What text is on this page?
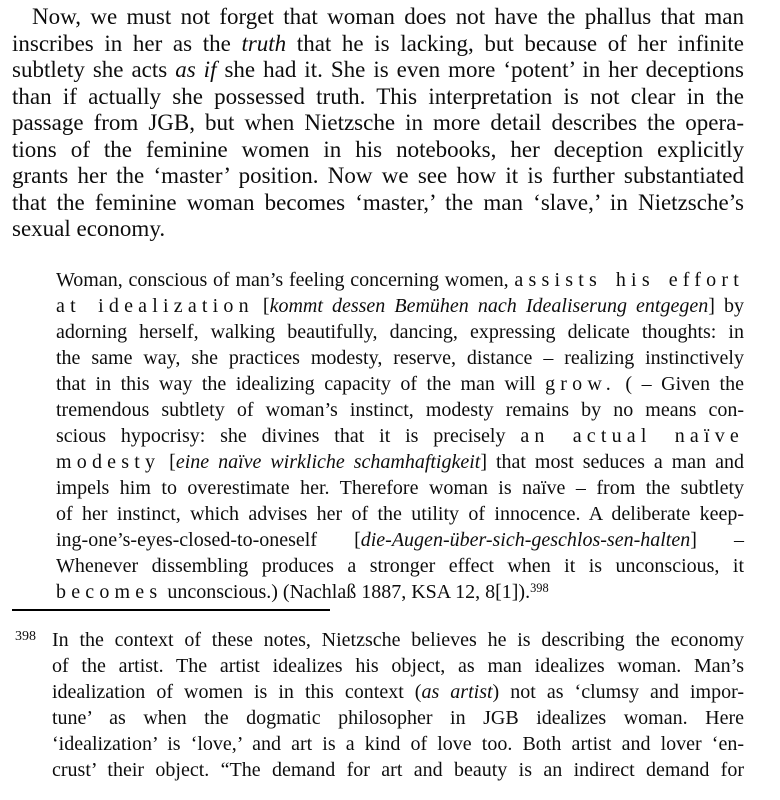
Now, we must not forget that woman does not have the phallus that man
inscribes in her as the truth that he is lacking, but because of her infinite
subtlety she acts as if she had it. She is even more ‘potent’ in her deceptions
than if actually she possessed truth. This interpretation is not clear in the
passage from JGB, but when Nietzsche in more detail describes the opera-
tions of the feminine women in his notebooks, her deception explicitly
grants her the ‘master’ position. Now we see how it is further substantiated
that the feminine woman becomes ‘master,’ the man ‘slave,’ in Nietzsche’s
sexual economy.
Woman, conscious of man’s feeling concerning women, assists his effort
at idealization [kommt dessen Bemühen nach Idealiserung entgegen] by
adorning herself, walking beautifully, dancing, expressing delicate thoughts: in
the same way, she practices modesty, reserve, distance – realizing instinctively
that in this way the idealizing capacity of the man will grow. ( – Given the
tremendous subtlety of woman’s instinct, modesty remains by no means con-
scious hypocrisy: she divines that it is precisely an actual naïve
modesty [eine naïve wirkliche schamhaftigkeit] that most seduces a man and
impels him to overestimate her. Therefore woman is naïve – from the subtlety
of her instinct, which advises her of the utility of innocence. A deliberate keep-
ing-one’s-eyes-closed-to-oneself [die-Augen-über-sich-geschlos-sen-halten] –
Whenever dissembling produces a stronger effect when it is unconscious, it
becomes unconscious.) (Nachlaß 1887, KSA 12, 8[1]).$^{398}$
398 In the context of these notes, Nietzsche believes he is describing the economy
of the artist. The artist idealizes his object, as man idealizes woman. Man’s
idealization of women is in this context (as artist) not as ‘clumsy and impor-
tune’ as when the dogmatic philosopher in JGB idealizes woman. Here
‘idealization’ is ‘love,’ and art is a kind of love too. Both artist and lover ‘en-
crust’ their object. “The demand for art and beauty is an indirect demand for
